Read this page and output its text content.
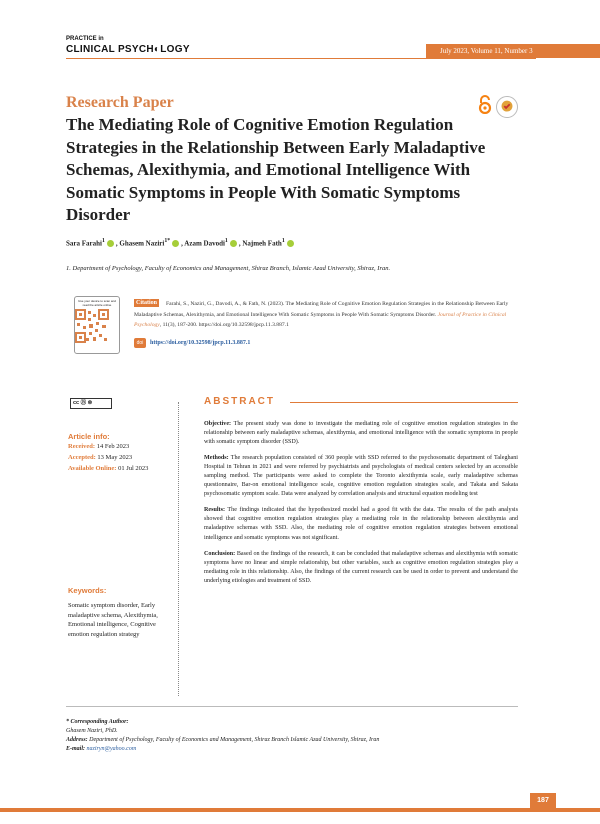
PRACTICE in
CLINICAL PSYCH◐LOGY	July 2023, Volume 11, Number 3
Research Paper
The Mediating Role of Cognitive Emotion Regulation Strategies in the Relationship Between Early Maladaptive Schemas, Alexithymia, and Emotional Intelligence With Somatic Symptoms in People With Somatic Symptoms Disorder
Sara Farahi$^1$ , Ghasem Naziri$^{1*}$ , Azam Davodi$^1$ , Najmeh Fath$^1$
1. Department of Psychology, Faculty of Economics and Management, Shiraz Branch, Islamic Azad University, Shiraz, Iran.
Use your device to scan and read the article online	Farahi, S., Naziri, G., Davodi, A., & Fath, N. (2023). The Mediating Role of Cognitive Emotion Regulation Strategies in the Relationship Between Early Maladaptive Schemas, Alexithymia, and Emotional Intelligence With Somatic Symptoms in People With Somatic Symptoms Disorder. Journal of Practice in Clinical Psychology, 11(3), 187-200. https://doi.org/10.32598/jpcp.11.3.887.1
Citation
doi	https://doi.org/10.32598/jpcp.11.3.887.1
cc Ⓑ ⊜	ABSTRACT
Article info:
Received: 14 Feb 2023
Accepted: 13 May 2023
Available Online: 01 Jul 2023
Keywords:
Somatic symptom disorder, Early maladaptive schema, Alexithymia, Emotional intelligence, Cognitive emotion regulation strategy

Objective: The present study was done to investigate the mediating role of cognitive emotion regulation strategies in the relationship between early maladaptive schemas, alexithymia, and emotional intelligence with the somatic symptoms in people with somatic symptom disorder (SSD).

Methods: The research population consisted of 360 people with SSD referred to the psychosomatic department of Taleghani Hospital in Tehran in 2021 and were referred by psychiatrists and psychologists of medical centers selected by an accessible sampling method. The participants were asked to complete the Toronto alexithymia scale, early maladaptive schemas questionnaire, Bar-on emotional intelligence scale, cognitive emotion regulation strategies scale, and Takata and Sakata psychosomatic symptom scale. Data were analyzed by correlation analysis and structural equation modeling test

Results: The findings indicated that the hypothesized model had a good fit with the data. The results of the path analysis showed that cognitive emotion regulation strategies play a mediating role in the relationship between alexithymia and maladaptive schemas with SSD. Also, the mediating role of cognitive emotion regulation strategies between emotional intelligence and somatic symptoms was not significant.

Conclusion: Based on the findings of the research, it can be concluded that maladaptive schemas and alexithymia with somatic symptoms have no linear and simple relationship, but other variables, such as cognitive emotion regulation strategies play a mediating role in this relationship. Also, the findings of the current research can be used in order to prevent and understand the underlying etiologies and treatment of SSD.

* Corresponding Author:
Ghasem Naziri, PhD.
Address: Department of Psychology, Faculty of Economics and Management, Shiraz Branch Islamic Azad University, Shiraz, Iran
E-mail: naziryn@yahoo.com
187
